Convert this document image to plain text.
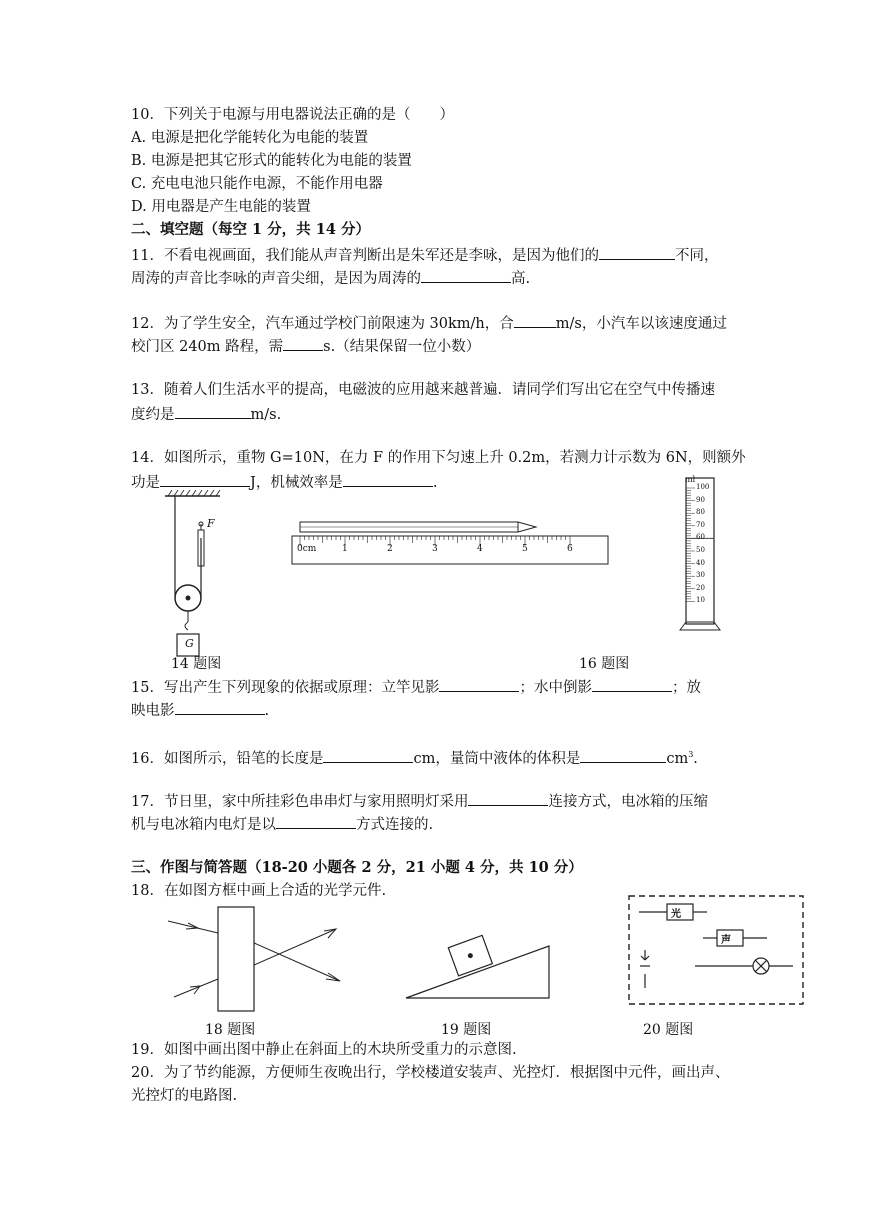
10．下列关于电源与用电器说法正确的是（　　）
A. 电源是把化学能转化为电能的装置
B. 电源是把其它形式的能转化为电能的装置
C. 充电电池只能作电源，不能作用电器
D. 用电器是产生电能的装置
二、填空题（每空 1 分，共 14 分）
11．不看电视画面，我们能从声音判断出是朱军还是李咏，是因为他们的	不同，
周涛的声音比李咏的声音尖细，是因为周涛的	高.
12．为了学生安全，汽车通过学校门前限速为 30km/h，合	m/s，小汽车以该速度通过
校门区 240m 路程，需	s.（结果保留一位小数）
13．随着人们生活水平的提高，电磁波的应用越来越普遍．请同学们写出它在空气中传播速
度约是	m/s.
14．如图所示，重物 G=10N，在力 F 的作用下匀速上升 0.2m，若测力计示数为 6N，则额外
功是	J，机械效率是	.
F
G
0cm	1	2	3	4	5	6
ml
100
90
80
70
60
50
40
30
20
10
14 题图	16 题图
15．写出产生下列现象的依据或原理：立竿见影	；水中倒影	；放
映电影	.
16．如图所示，铅笔的长度是	cm，量筒中液体的体积是	$cm^3$.
17．节日里，家中所挂彩色串串灯与家用照明灯采用	连接方式，电冰箱的压缩
机与电冰箱内电灯是以	方式连接的.
三、作图与简答题（18-20 小题各 2 分，21 小题 4 分，共 10 分）
18．在如图方框中画上合适的光学元件.
18 题图	19 题图
光
声
20 题图
19．如图中画出图中静止在斜面上的木块所受重力的示意图.
20．为了节约能源，方便师生夜晚出行，学校楼道安装声、光控灯．根据图中元件，画出声、
光控灯的电路图.
